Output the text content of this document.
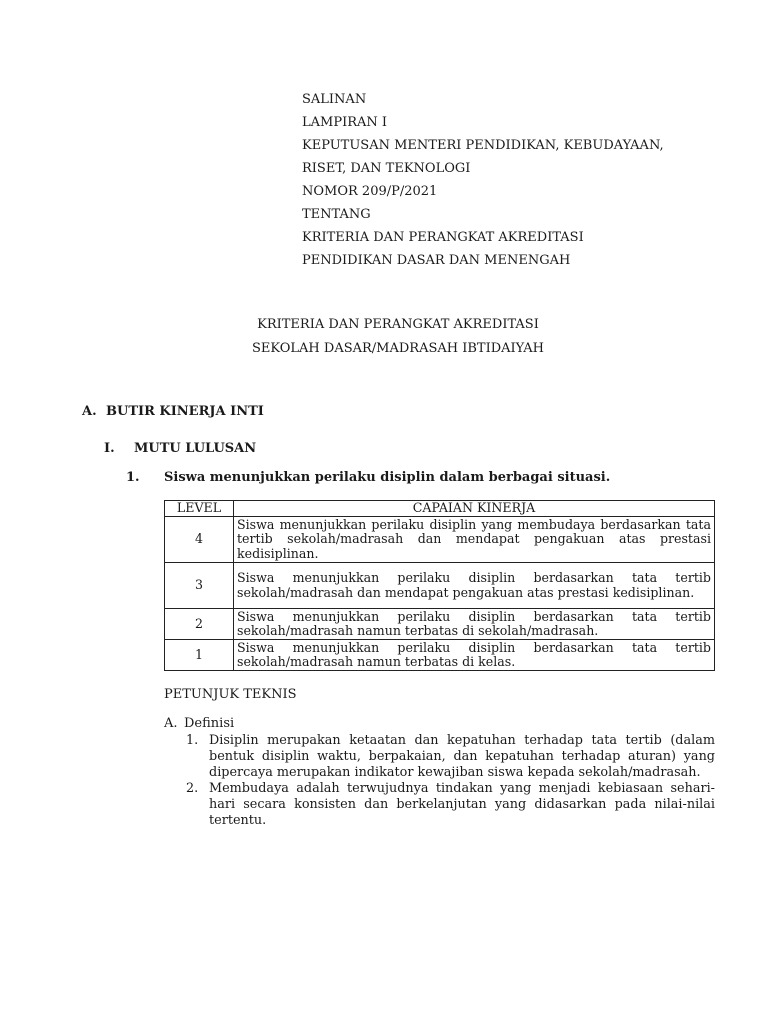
SALINAN
LAMPIRAN I
KEPUTUSAN MENTERI PENDIDIKAN, KEBUDAYAAN,
RISET, DAN TEKNOLOGI
NOMOR 209/P/2021
TENTANG
KRITERIA DAN PERANGKAT AKREDITASI
PENDIDIKAN DASAR DAN MENENGAH
KRITERIA DAN PERANGKAT AKREDITASI
SEKOLAH DASAR/MADRASAH IBTIDAIYAH
A. BUTIR KINERJA INTI
I. MUTU LULUSAN
1. Siswa menunjukkan perilaku disiplin dalam berbagai situasi.
LEVEL	CAPAIAN KINERJA
4	Siswa menunjukkan perilaku disiplin yang membudaya berdasarkan tata tertib sekolah/madrasah dan mendapat pengakuan atas prestasi kedisiplinan.
3	Siswa menunjukkan perilaku disiplin berdasarkan tata tertib sekolah/madrasah dan mendapat pengakuan atas prestasi kedisiplinan.
2	Siswa menunjukkan perilaku disiplin berdasarkan tata tertib sekolah/madrasah namun terbatas di sekolah/madrasah.
1	Siswa menunjukkan perilaku disiplin berdasarkan tata tertib sekolah/madrasah namun terbatas di kelas.
PETUNJUK TEKNIS
A. Definisi
1. Disiplin merupakan ketaatan dan kepatuhan terhadap tata tertib (dalam bentuk disiplin waktu, berpakaian, dan kepatuhan terhadap aturan) yang dipercaya merupakan indikator kewajiban siswa kepada sekolah/madrasah.
2. Membudaya adalah terwujudnya tindakan yang menjadi kebiasaan sehari-hari secara konsisten dan berkelanjutan yang didasarkan pada nilai-nilai tertentu.
